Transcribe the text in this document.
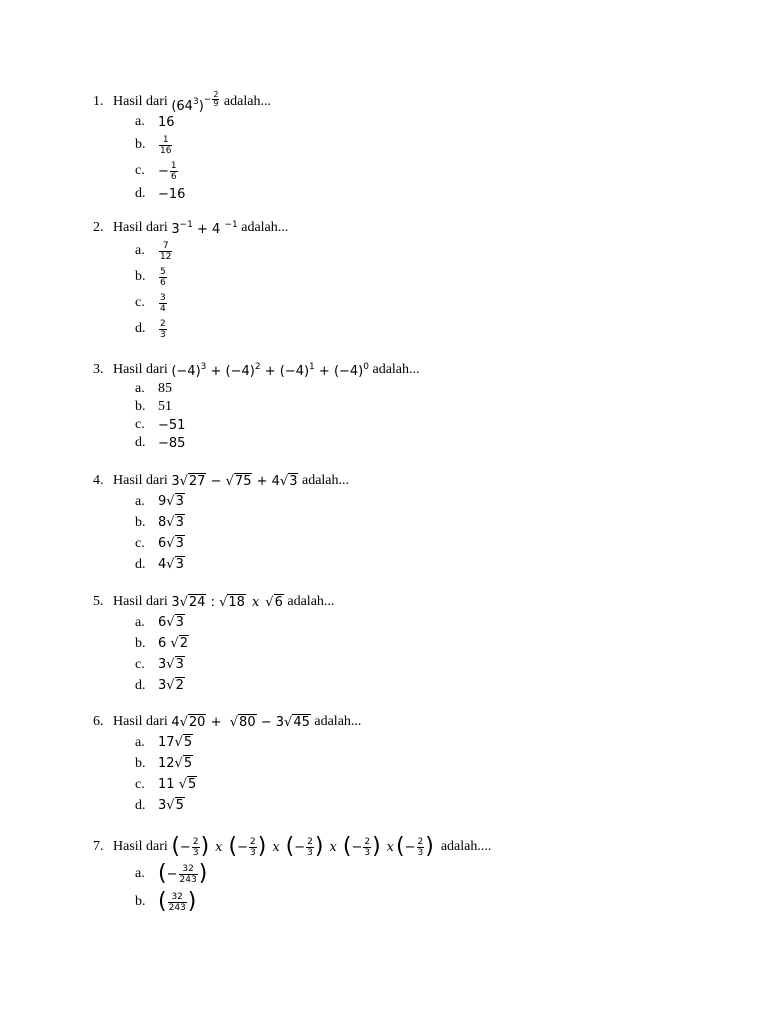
1. Hasil dari
$(64^3)^{- \frac{2}{9}}$
adalah...
a.	16
b.	$\frac{1}{16}$
c.	− $\frac{1}{6}$
d. −16
2. Hasil dari
$3^{-1} + 4$ $^{-1}$
adalah...
a.	$\frac{7}{12}$
b.	$\frac{5}{6}$
c.	$\frac{3}{4}$
d.	$\frac{2}{3}$
3. Hasil dari
$(-4)^3 + (-4)^2 + (-4)^1 + (-4)^0$
adalah...
a. 85
b. 51
c.	−51
d. −85
4. Hasil dari
3√27 − √75 + 4√3
adalah...
a.	9√3
b. 8√3
c.	6√3
d. 4√3
5. Hasil dari
3√24 : √18 x √6
adalah...
a.	6√3
b. 6 √2
c.	3√3
d. 3√2
6. Hasil dari
4√20 +  √80 − 3√45
adalah...
a.	17√5
b. 12√5
c.	11 √5
d. 3√5
7. Hasil dari
( − $\frac{2}{3}$ ) x ( − $\frac{2}{3}$ ) x ( − $\frac{2}{3}$ ) x ( − $\frac{2}{3}$ ) x ( − $\frac{2}{3}$ )
adalah....
a. ( − $\frac{32}{243}$ )
b. ( $\frac{32}{243}$ )
